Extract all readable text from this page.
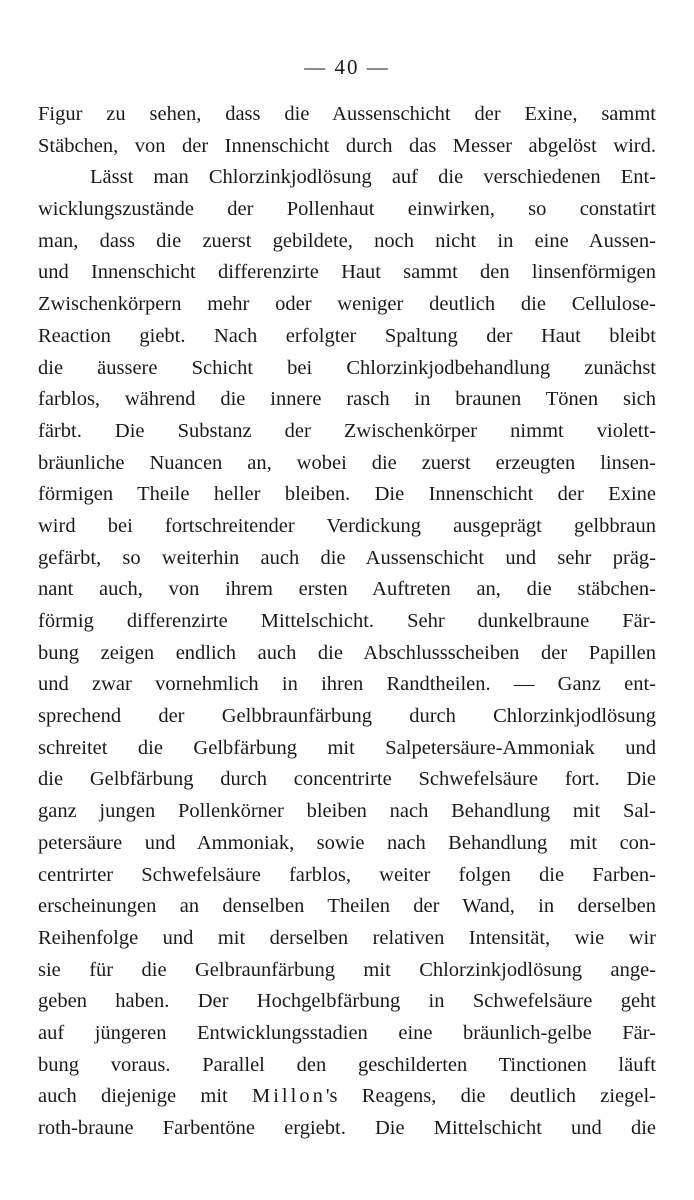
— 40 —
Figur zu sehen, dass die Aussenschicht der Exine, sammt
Stäbchen, von der Innenschicht durch das Messer abgelöst wird.
Lässt man Chlorzinkjodlösung auf die verschiedenen Ent-
wicklungszustände der Pollenhaut einwirken, so constatirt
man, dass die zuerst gebildete, noch nicht in eine Aussen-
und Innenschicht differenzirte Haut sammt den linsenförmigen
Zwischenkörpern mehr oder weniger deutlich die Cellulose-
Reaction giebt. Nach erfolgter Spaltung der Haut bleibt
die äussere Schicht bei Chlorzinkjodbehandlung zunächst
farblos, während die innere rasch in braunen Tönen sich
färbt. Die Substanz der Zwischenkörper nimmt violett-
bräunliche Nuancen an, wobei die zuerst erzeugten linsen-
förmigen Theile heller bleiben. Die Innenschicht der Exine
wird bei fortschreitender Verdickung ausgeprägt gelbbraun
gefärbt, so weiterhin auch die Aussenschicht und sehr präg-
nant auch, von ihrem ersten Auftreten an, die stäbchen-
förmig differenzirte Mittelschicht. Sehr dunkelbraune Fär-
bung zeigen endlich auch die Abschlussscheiben der Papillen
und zwar vornehmlich in ihren Randtheilen. — Ganz ent-
sprechend der Gelbbraunfärbung durch Chlorzinkjodlösung
schreitet die Gelbfärbung mit Salpetersäure-Ammoniak und
die Gelbfärbung durch concentrirte Schwefelsäure fort. Die
ganz jungen Pollenkörner bleiben nach Behandlung mit Sal-
petersäure und Ammoniak, sowie nach Behandlung mit con-
centrirter Schwefelsäure farblos, weiter folgen die Farben-
erscheinungen an denselben Theilen der Wand, in derselben
Reihenfolge und mit derselben relativen Intensität, wie wir
sie für die Gelbraunfärbung mit Chlorzinkjodlösung ange-
geben haben. Der Hochgelbfärbung in Schwefelsäure geht
auf jüngeren Entwicklungsstadien eine bräunlich-gelbe Fär-
bung voraus. Parallel den geschilderten Tinctionen läuft
auch diejenige mit Millon's Reagens, die deutlich ziegel-
roth-braune Farbentöne ergiebt. Die Mittelschicht und die
